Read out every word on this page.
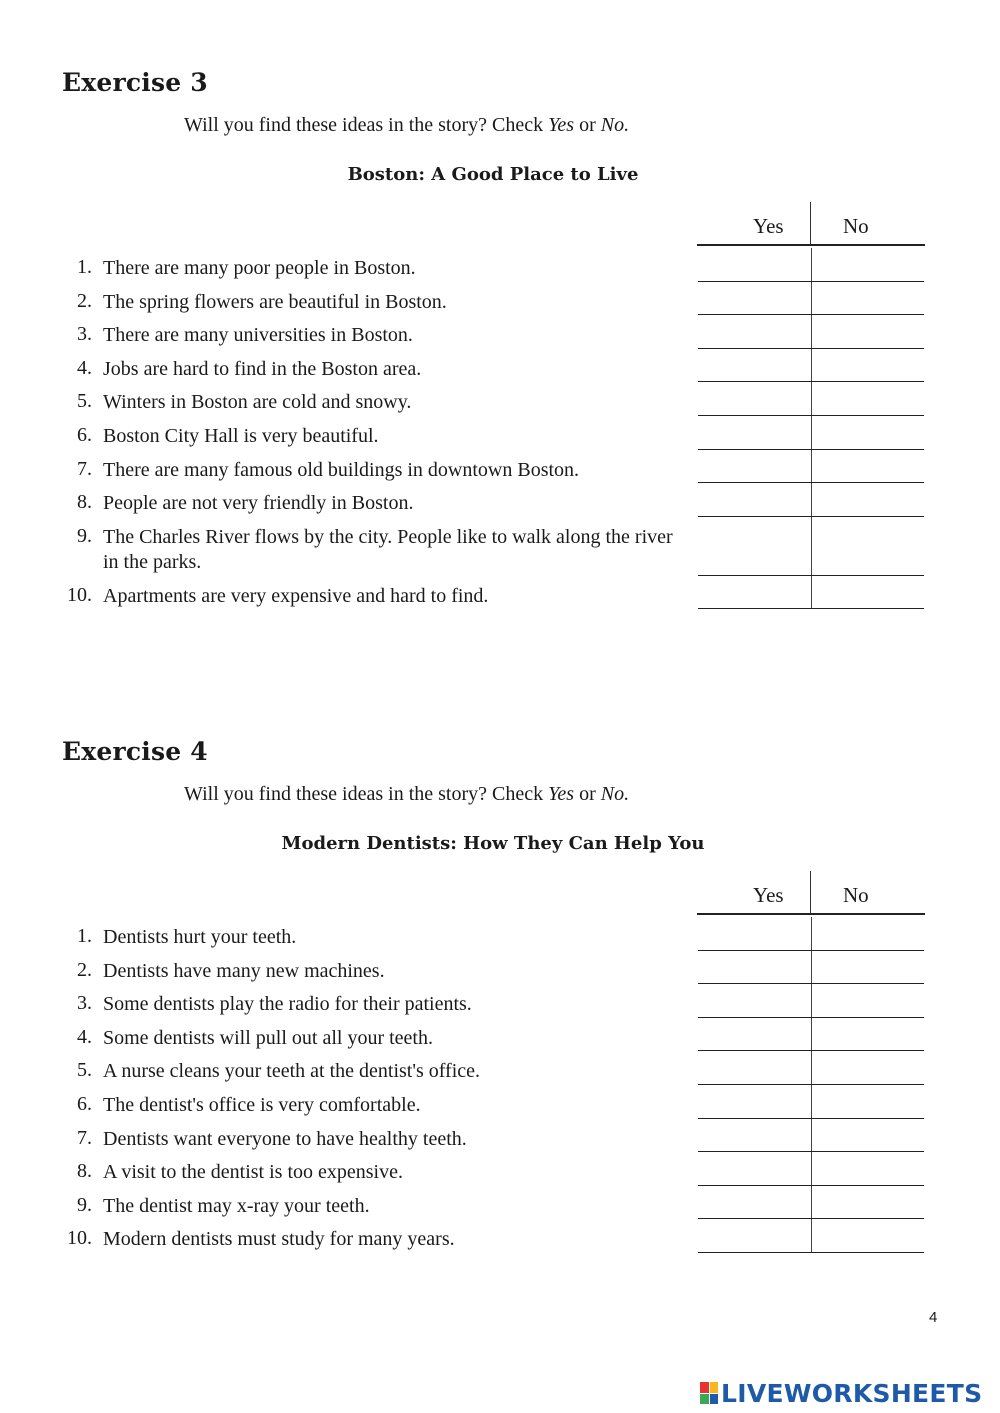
Exercise 3
Will you find these ideas in the story? Check Yes or No.
Boston: A Good Place to Live
Yes	No
1. There are many poor people in Boston.
2. The spring flowers are beautiful in Boston.
3. There are many universities in Boston.
4. Jobs are hard to find in the Boston area.
5. Winters in Boston are cold and snowy.
6. Boston City Hall is very beautiful.
7. There are many famous old buildings in downtown Boston.
8. People are not very friendly in Boston.
9. The Charles River flows by the city. People like to walk along the river in the parks.
10. Apartments are very expensive and hard to find.
Exercise 4
Will you find these ideas in the story? Check Yes or No.
Modern Dentists: How They Can Help You
Yes	No
1. Dentists hurt your teeth.
2. Dentists have many new machines.
3. Some dentists play the radio for their patients.
4. Some dentists will pull out all your teeth.
5. A nurse cleans your teeth at the dentist's office.
6. The dentist's office is very comfortable.
7. Dentists want everyone to have healthy teeth.
8. A visit to the dentist is too expensive.
9. The dentist may x-ray your teeth.
10. Modern dentists must study for many years.
4
LIVEWORKSHEETS
